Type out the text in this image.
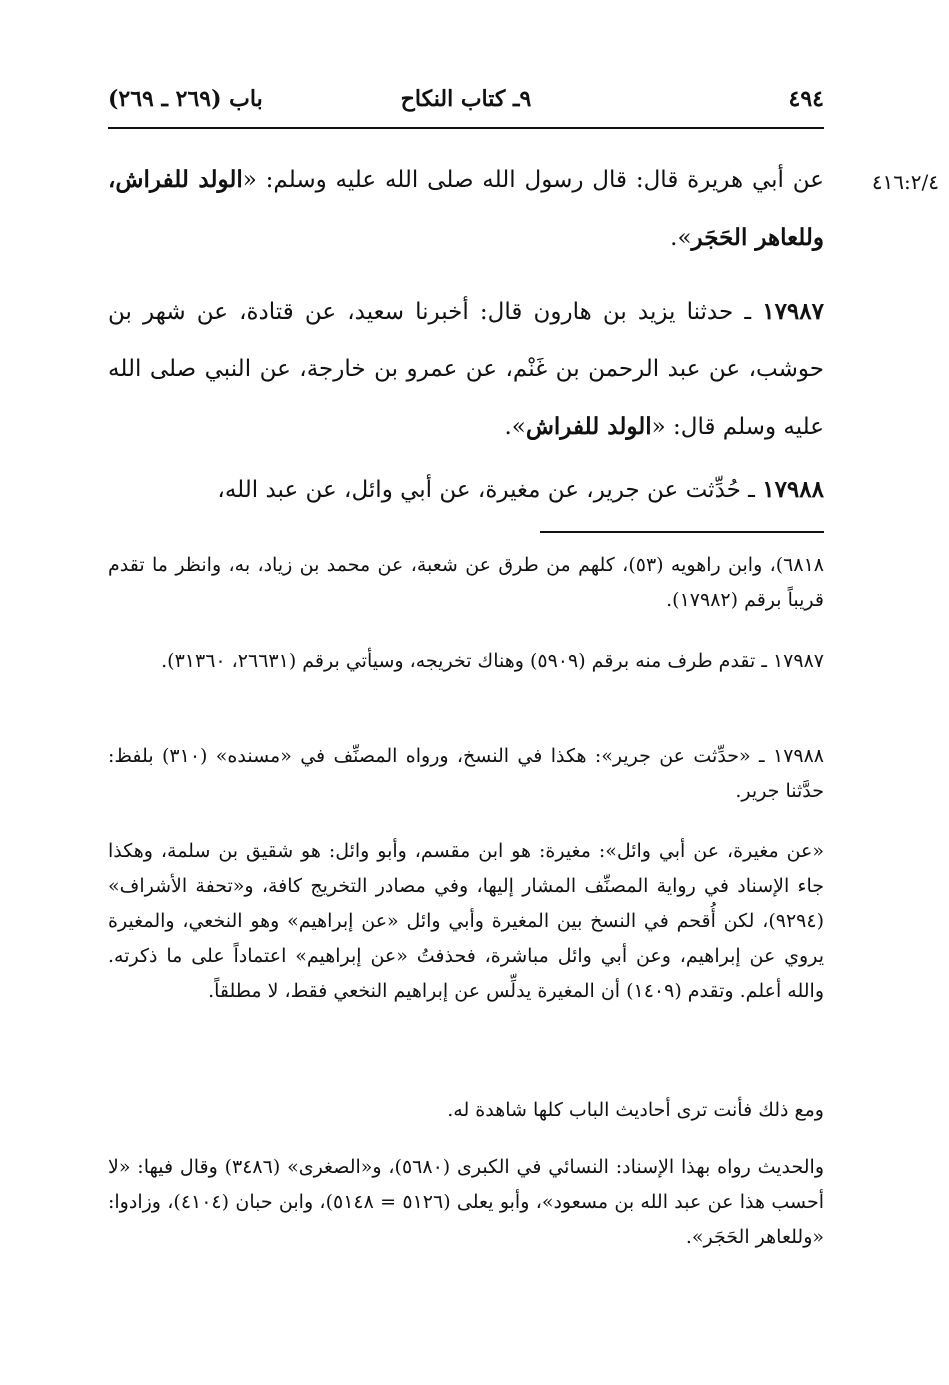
٤٩٤
٩ـ كتاب النكاح
باب (٢٦٩ ـ ٢٦٩)
٤١٦:٢/٤
عن أبي هريرة قال: قال رسول الله صلى الله عليه وسلم: «الولد للفراش، وللعاهر الحَجَر».
١٧٩٨٧ ـ حدثنا يزيد بن هارون قال: أخبرنا سعيد، عن قتادة، عن شهر بن حوشب، عن عبد الرحمن بن غَنْم، عن عمرو بن خارجة، عن النبي صلى الله عليه وسلم قال: «الولد للفراش».
١٧٩٨٨ ـ حُدِّثت عن جرير، عن مغيرة، عن أبي وائل، عن عبد الله،
٦٨١٨)، وابن راهويه (٥٣)، كلهم من طرق عن شعبة، عن محمد بن زياد، به، وانظر ما تقدم قريباً برقم (١٧٩٨٢).
١٧٩٨٧ ـ تقدم طرف منه برقم (٥٩٠٩) وهناك تخريجه، وسيأتي برقم (٢٦٦٣١، ٣١٣٦٠).
١٧٩٨٨ ـ «حدِّثت عن جرير»: هكذا في النسخ، ورواه المصنِّف في «مسنده» (٣١٠) بلفظ: حدَّثنا جرير.
«عن مغيرة، عن أبي وائل»: مغيرة: هو ابن مقسم، وأبو وائل: هو شقيق بن سلمة، وهكذا جاء الإسناد في رواية المصنِّف المشار إليها، وفي مصادر التخريج كافة، و«تحفة الأشراف» (٩٢٩٤)، لكن أُقحم في النسخ بين المغيرة وأبي وائل «عن إبراهيم» وهو النخعي، والمغيرة يروي عن إبراهيم، وعن أبي وائل مباشرة، فحذفتُ «عن إبراهيم» اعتماداً على ما ذكرته. والله أعلم. وتقدم (١٤٠٩) أن المغيرة يدلِّس عن إبراهيم النخعي فقط، لا مطلقاً.
ومع ذلك فأنت ترى أحاديث الباب كلها شاهدة له.
والحديث رواه بهذا الإسناد: النسائي في الكبرى (٥٦٨٠)، و«الصغرى» (٣٤٨٦) وقال فيها: «لا أحسب هذا عن عبد الله بن مسعود»، وأبو يعلى (٥١٢٦ = ٥١٤٨)، وابن حبان (٤١٠٤)، وزادوا: «وللعاهر الحَجَر».
